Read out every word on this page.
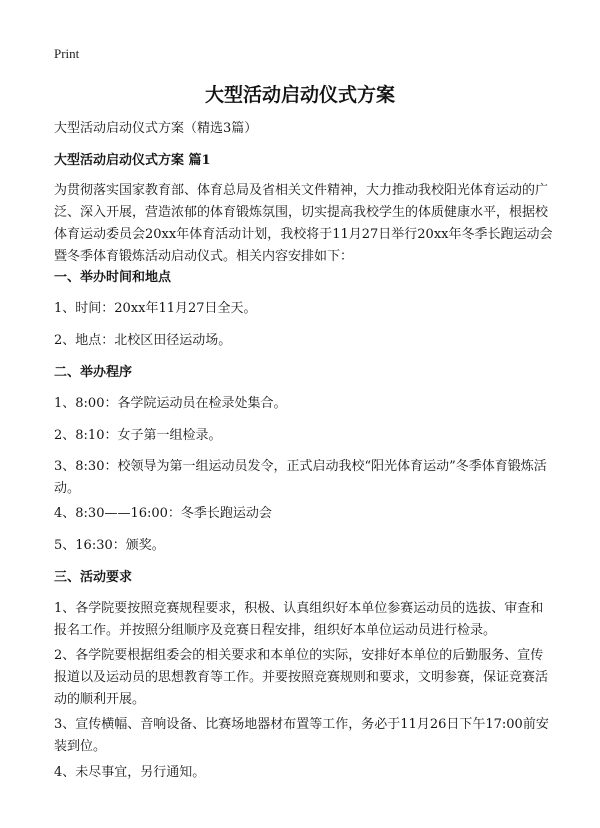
Print
大型活动启动仪式方案
大型活动启动仪式方案（精选3篇）
大型活动启动仪式方案 篇1
为贯彻落实国家教育部、体育总局及省相关文件精神，大力推动我校阳光体育运动的广泛、深入开展，营造浓郁的体育锻炼氛围，切实提高我校学生的体质健康水平，根据校体育运动委员会20xx年体育活动计划，我校将于11月27日举行20xx年冬季长跑运动会暨冬季体育锻炼活动启动仪式。相关内容安排如下：
一、举办时间和地点
1、时间：20xx年11月27日全天。
2、地点：北校区田径运动场。
二、举办程序
1、8:00：各学院运动员在检录处集合。
2、8:10：女子第一组检录。
3、8:30：校领导为第一组运动员发令，正式启动我校“阳光体育运动”冬季体育锻炼活动。
4、8:30——16:00：冬季长跑运动会
5、16:30：颁奖。
三、活动要求
1、各学院要按照竞赛规程要求，积极、认真组织好本单位参赛运动员的选拔、审查和报名工作。并按照分组顺序及竞赛日程安排，组织好本单位运动员进行检录。
2、各学院要根据组委会的相关要求和本单位的实际，安排好本单位的后勤服务、宣传报道以及运动员的思想教育等工作。并要按照竞赛规则和要求，文明参赛，保证竞赛活动的顺利开展。
3、宣传横幅、音响设备、比赛场地器材布置等工作，务必于11月26日下午17:00前安装到位。
4、未尽事宜，另行通知。
